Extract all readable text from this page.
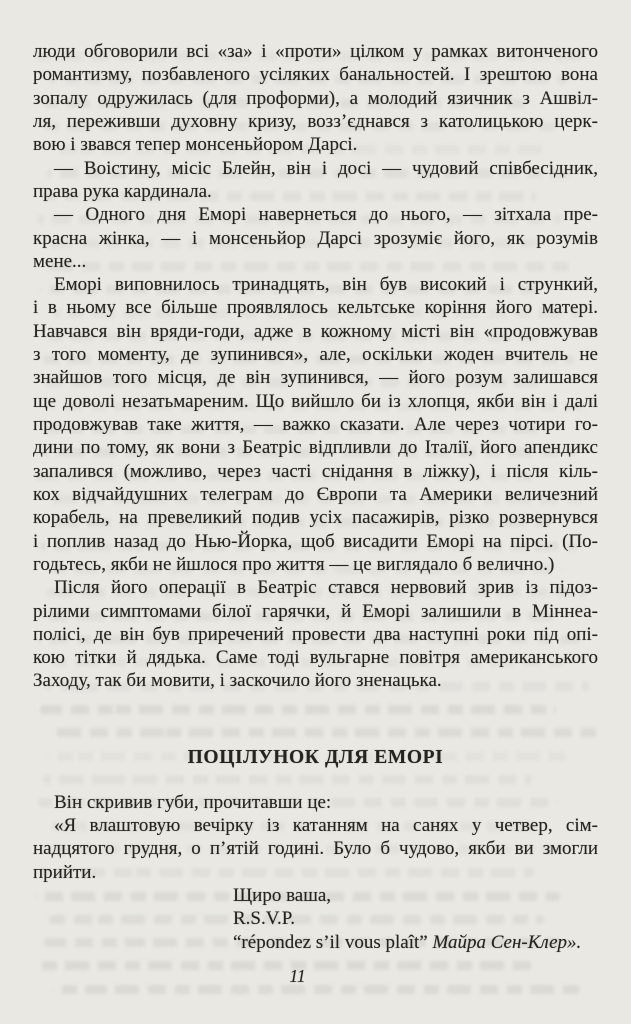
люди обговорили всі «за» і «проти» цілком у рамках витонченого
романтизму, позбавленого усіляких банальностей. І зрештою вона
зопалу одружилась (для проформи), а молодий язичник з Ашвіл-
ля, переживши духовну кризу, возз’єднався з католицькою церк-
вою і звався тепер монсеньйором Дарсі.
— Воістину, місіс Блейн, він і досі — чудовий співбесідник,
права рука кардинала.
— Одного дня Еморі навернеться до нього, — зітхала пре-
красна жінка, — і монсеньйор Дарсі зрозуміє його, як розумів
мене...
Еморі виповнилось тринадцять, він був високий і стрункий,
і в ньому все більше проявлялось кельтське коріння його матері.
Навчався він вряди-годи, адже в кожному місті він «продовжував
з того моменту, де зупинився», але, оскільки жоден вчитель не
знайшов того місця, де він зупинився, — його розум залишався
ще доволі незатьмареним. Що вийшло би із хлопця, якби він і далі
продовжував таке життя, — важко сказати. Але через чотири го-
дини по тому, як вони з Беатріс відпливли до Італії, його апендикс
запалився (можливо, через часті снідання в ліжку), і після кіль-
кох відчайдушних телеграм до Європи та Америки величезний
корабель, на превеликий подив усіх пасажирів, різко розвернувся
і поплив назад до Нью-Йорка, щоб висадити Еморі на пірсі. (По-
годьтесь, якби не йшлося про життя — це виглядало б велично.)
Після його операції в Беатріс стався нервовий зрив із підоз-
рілими симптомами білої гарячки, й Еморі залишили в Міннеа-
полісі, де він був приречений провести два наступні роки під опі-
кою тітки й дядька. Саме тоді вульгарне повітря американського
Заходу, так би мовити, і заскочило його зненацька.
ПОЦІЛУНОК ДЛЯ ЕМОРІ
Він скривив губи, прочитавши це:
«Я влаштовую вечірку із катанням на санях у четвер, сім-
надцятого грудня, о п’ятій годині. Було б чудово, якби ви змогли
прийти.
Щиро ваша,
R.S.V.P.
“répondez s’il vous plaît” Майра Сен-Клер».
11
